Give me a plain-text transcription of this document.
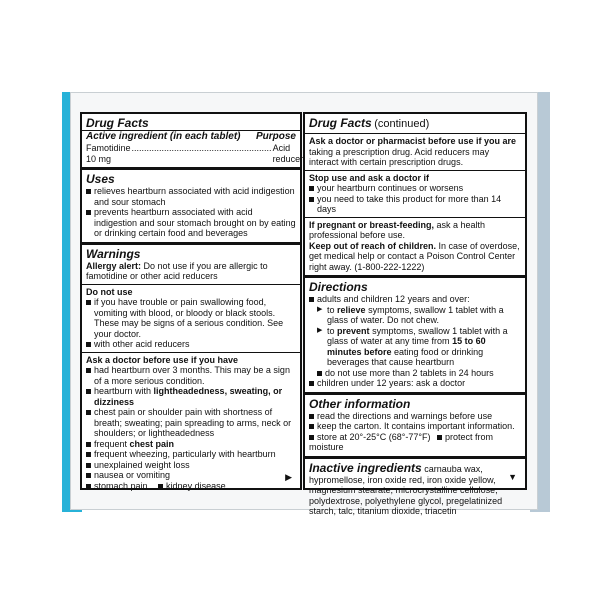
Drug Facts
Active ingredient (in each tablet) Purpose
Famotidine 10 mg
........................................................ Acid reducer
Uses
relieves heartburn associated with acid indigestion and sour stomach
prevents heartburn associated with acid indigestion and sour stomach brought on by eating or drinking certain food and beverages
Warnings
Allergy alert: Do not use if you are allergic to famotidine or other acid reducers
Do not use
if you have trouble or pain swallowing food, vomiting with blood, or bloody or black stools. These may be signs of a serious condition. See your doctor.
with other acid reducers
Ask a doctor before use if you have
had heartburn over 3 months. This may be a sign of a more serious condition.
heartburn with lightheadedness, sweating, or dizziness
chest pain or shoulder pain with shortness of breath; sweating; pain spreading to arms, neck or shoulders; or lightheadedness
frequent chest pain
frequent wheezing, particularly with heartburn
unexplained weight loss
nausea or vomiting
stomach pain kidney disease
▶
Drug Facts (continued)
Ask a doctor or pharmacist before use if you are
taking a prescription drug. Acid reducers may interact with certain prescription drugs.
Stop use and ask a doctor if
your heartburn continues or worsens
you need to take this product for more than 14 days
If pregnant or breast-feeding, ask a health professional before use.
Keep out of reach of children. In case of overdose, get medical help or contact a Poison Control Center right away. (1-800-222-1222)
Directions
adults and children 12 years and over:
▶ to relieve symptoms, swallow 1 tablet with a glass of water. Do not chew.
▶ to prevent symptoms, swallow 1 tablet with a glass of water at any time from 15 to 60 minutes before eating food or drinking beverages that cause heartburn
do not use more than 2 tablets in 24 hours
children under 12 years: ask a doctor
Other information
read the directions and warnings before use
keep the carton. It contains important information.
store at 20°-25°C (68°-77°F) protect from moisture
Inactive ingredients carnauba wax, hypromellose, iron oxide red, iron oxide yellow, magnesium stearate, microcrystalline cellulose, polydextrose, polyethylene glycol, pregelatinized starch, talc, titanium dioxide, triacetin
▼
